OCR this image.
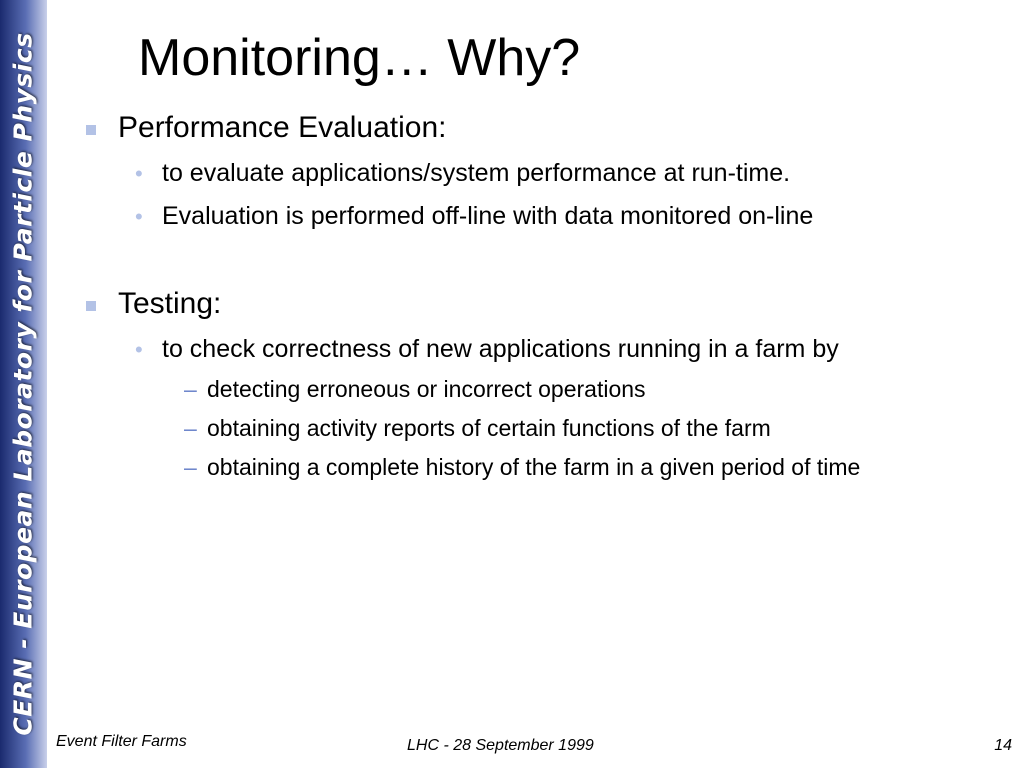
CERN - European Laboratory for Particle Physics Monitoring… Why?
Performance Evaluation:
• to evaluate applications/system performance at run-time.
• Evaluation is performed off-line with data monitored on-line
Testing:
• to check correctness of new applications running in a farm by
– detecting erroneous or incorrect operations
– obtaining activity reports of certain functions of the farm
– obtaining a complete history of the farm in a given period of time
Event Filter Farms	LHC - 28 September 1999	14
